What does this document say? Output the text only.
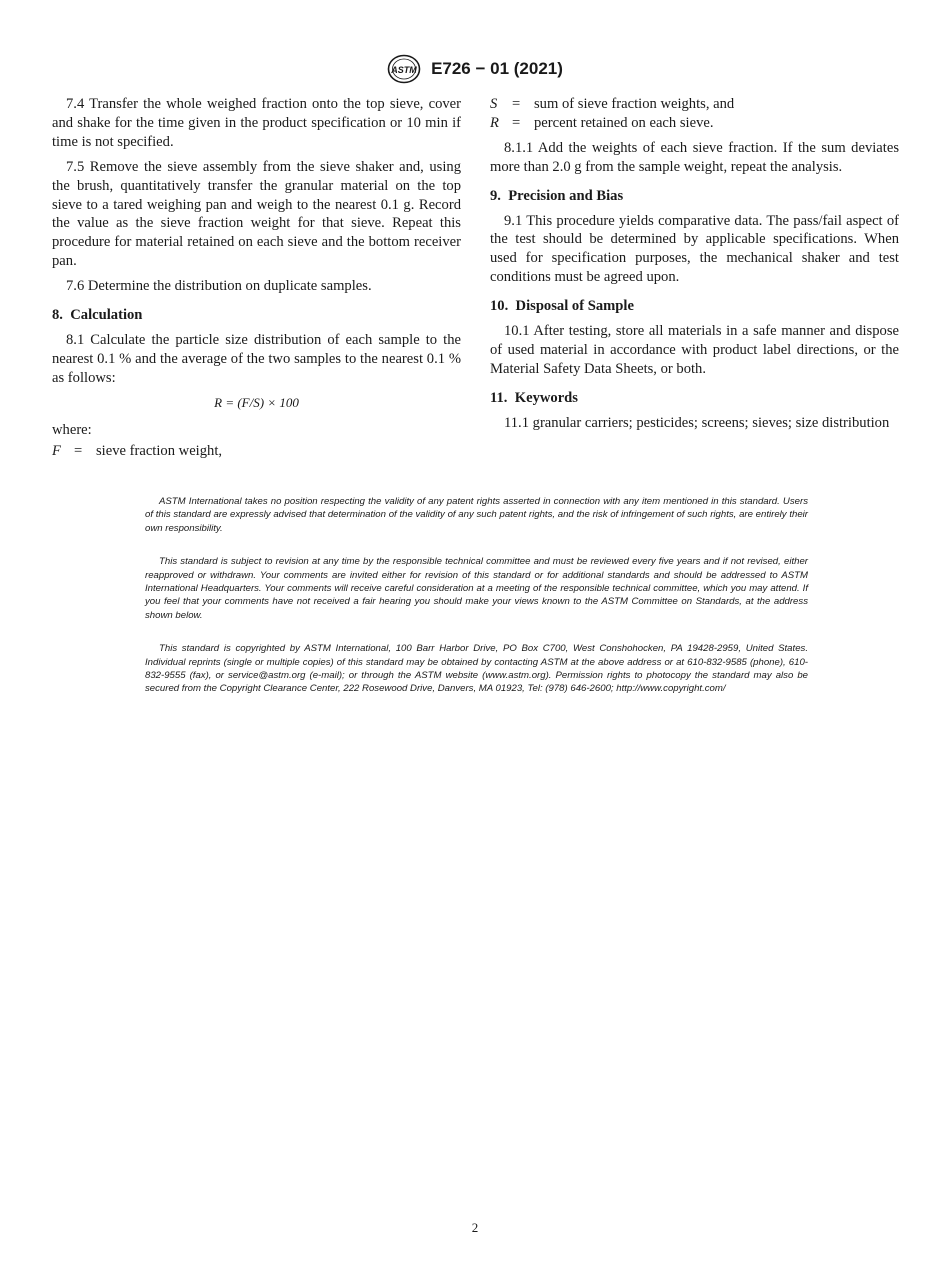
ASTM E726 − 01 (2021)

7.4 Transfer the whole weighed fraction onto the top sieve, cover and shake for the time given in the product specification or 10 min if time is not specified.

7.5 Remove the sieve assembly from the sieve shaker and, using the brush, quantitatively transfer the granular material on the top sieve to a tared weighing pan and weigh to the nearest 0.1 g. Record the value as the sieve fraction weight for that sieve. Repeat this procedure for material retained on each sieve and the bottom receiver pan.

7.6 Determine the distribution on duplicate samples.

8. Calculation

8.1 Calculate the particle size distribution of each sample to the nearest 0.1 % and the average of the two samples to the nearest 0.1 % as follows:

R = (F/S) × 100

where:

F = sieve fraction weight,
S	= sum of sieve fraction weights, and
R = percent retained on each sieve.

8.1.1 Add the weights of each sieve fraction. If the sum deviates more than 2.0 g from the sample weight, repeat the analysis.

9. Precision and Bias

9.1 This procedure yields comparative data. The pass/fail aspect of the test should be determined by applicable specifications. When used for specification purposes, the mechanical shaker and test conditions must be agreed upon.

10. Disposal of Sample

10.1 After testing, store all materials in a safe manner and dispose of used material in accordance with product label directions, or the Material Safety Data Sheets, or both.

11. Keywords

11.1 granular carriers; pesticides; screens; sieves; size distribution

ASTM International takes no position respecting the validity of any patent rights asserted in connection with any item mentioned in this standard. Users of this standard are expressly advised that determination of the validity of any such patent rights, and the risk of infringement of such rights, are entirely their own responsibility.

This standard is subject to revision at any time by the responsible technical committee and must be reviewed every five years and if not revised, either reapproved or withdrawn. Your comments are invited either for revision of this standard or for additional standards and should be addressed to ASTM International Headquarters. Your comments will receive careful consideration at a meeting of the responsible technical committee, which you may attend. If you feel that your comments have not received a fair hearing you should make your views known to the ASTM Committee on Standards, at the address shown below.

This standard is copyrighted by ASTM International, 100 Barr Harbor Drive, PO Box C700, West Conshohocken, PA 19428-2959, United States. Individual reprints (single or multiple copies) of this standard may be obtained by contacting ASTM at the above address or at 610-832-9585 (phone), 610-832-9555 (fax), or service@astm.org (e-mail); or through the ASTM website (www.astm.org). Permission rights to photocopy the standard may also be secured from the Copyright Clearance Center, 222 Rosewood Drive, Danvers, MA 01923, Tel: (978) 646-2600; http://www.copyright.com/

2
